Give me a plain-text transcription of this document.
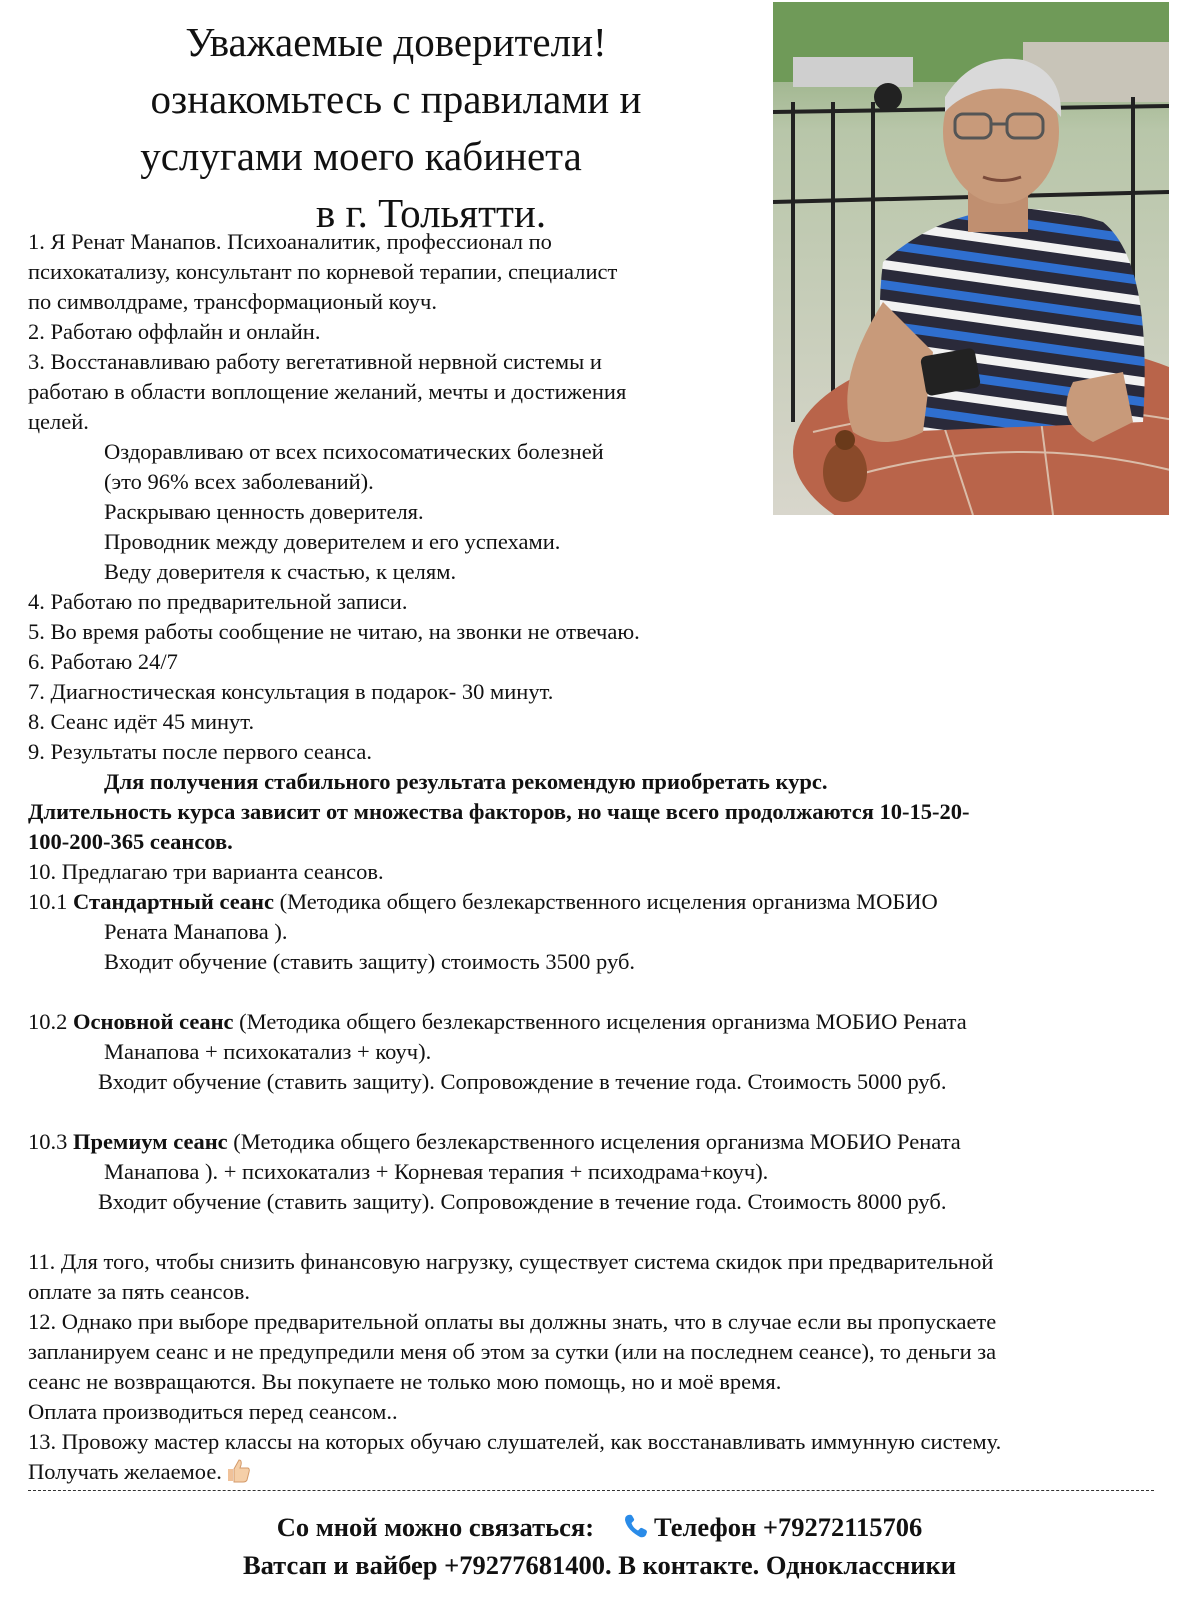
Уважаемые доверители!
ознакомьтесь с правилами и
услугами моего кабинета
в г. Тольятти.

1. Я Ренат Манапов. Психоаналитик, профессионал по

психокатализу, консультант по корневой терапии, специалист

по символдраме, трансформационый коуч.

2. Работаю оффлайн и онлайн.

3. Восстанавливаю работу вегетативной нервной системы и

работаю в области воплощение желаний, мечты и достижения

целей.

Оздоравливаю от всех психосоматических болезней

(это 96% всех заболеваний).

Раскрываю ценность доверителя.

Проводник между доверителем и его успехами.

Веду доверителя к счастью, к целям.

4. Работаю по предварительной записи.

5. Во время работы сообщение не читаю, на звонки не отвечаю.

6. Работаю 24/7

7. Диагностическая консультация в подарок- 30 минут.

8. Сеанс идёт 45 минут.

9. Результаты после первого сеанса.

Для получения стабильного результата рекомендую приобретать курс.

Длительность курса зависит от множества факторов, но чаще всего продолжаются 10-15-20-

100-200-365 сеансов.

10. Предлагаю три варианта сеансов.

10.1 Стандартный сеанс (Методика общего безлекарственного исцеления организма МОБИО

Рената Манапова ).

Входит обучение (ставить защиту) стоимость 3500 руб.

10.2 Основной сеанс (Методика общего безлекарственного исцеления организма МОБИО Рената

Манапова + психокатализ + коуч).

Входит обучение (ставить защиту). Сопровождение в течение года. Стоимость 5000 руб.

10.3 Премиум сеанс (Методика общего безлекарственного исцеления организма МОБИО Рената

Манапова ). + психокатализ + Корневая терапия + психодрама+коуч).

Входит обучение (ставить защиту). Сопровождение в течение года. Стоимость 8000 руб.

11. Для того, чтобы снизить финансовую нагрузку, существует система скидок при предварительной

оплате за пять сеансов.

12. Однако при выборе предварительной оплаты вы должны знать, что в случае если вы пропускаете

запланируем сеанс и не предупредили меня об этом за сутки (или на последнем сеансе), то деньги за

сеанс не возвращаются. Вы покупаете не только мою помощь, но и моё время.

Оплата производиться перед сеансом..

13. Провожу мастер классы на которых обучаю слушателей, как восстанавливать иммунную систему.

Получать желаемое.

Со мной можно связаться: Телефон +79272115706
Ватсап и вайбер +79277681400. В контакте. Одноклассники
